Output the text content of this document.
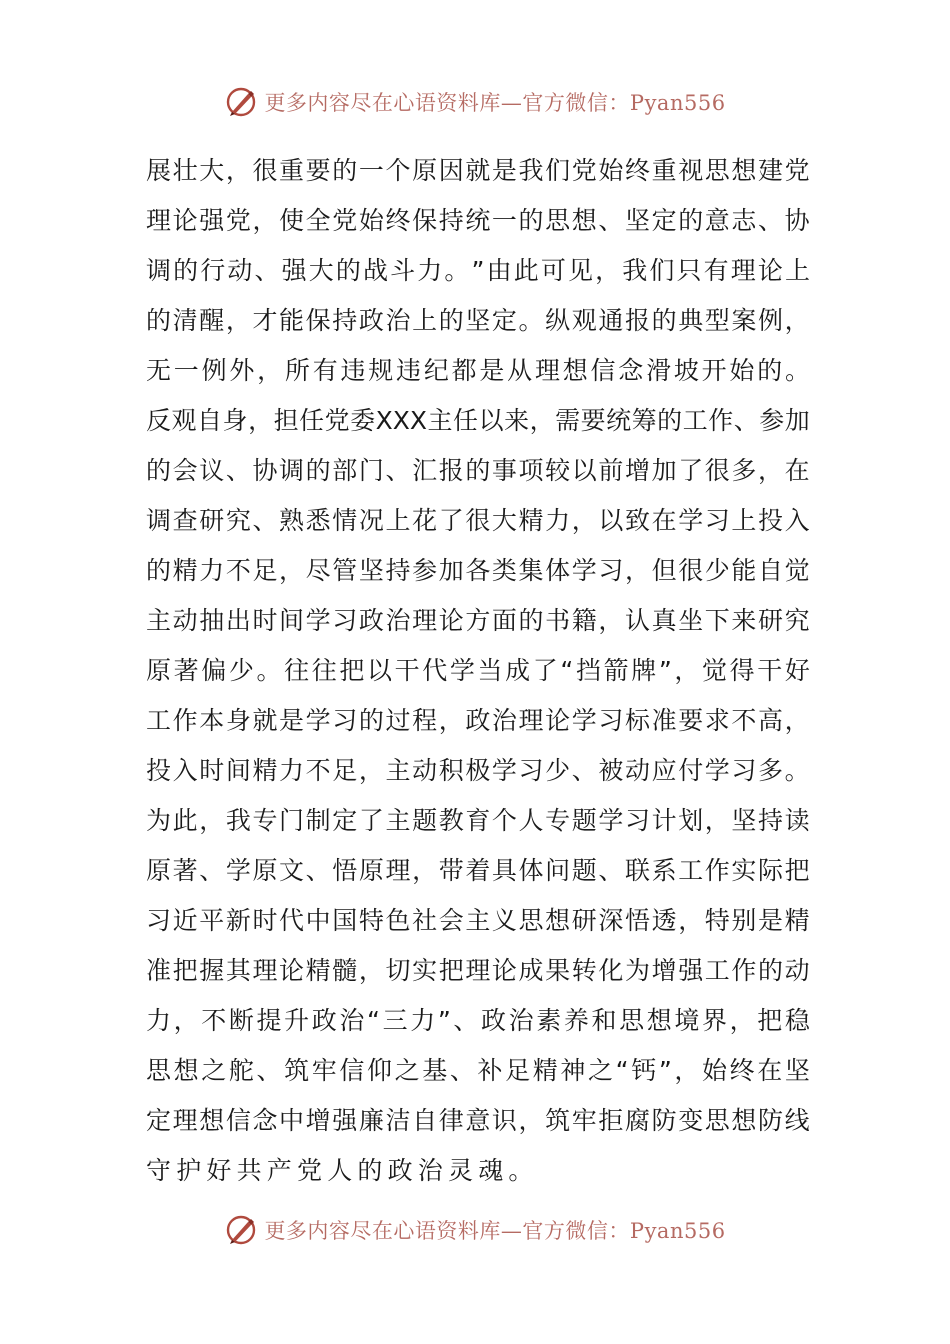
更多内容尽在心语资料库—官方微信：Pyan556
展 壮 大 ， 很 重 要 的 一 个 原 因 就 是 我 们 党 始 终 重 视 思 想 建 党
理 论 强 党 ， 使 全 党 始 终 保 持 统 一 的 思 想 、 坚 定 的 意 志 、 协
调 的 行 动 、 强 大 的 战 斗 力 。 ” 由 此 可 见 ， 我 们 只 有 理 论 上
的 清 醒 ， 才 能 保 持 政 治 上 的 坚 定 。 纵 观 通 报 的 典 型 案 例 ，
无 一 例 外 ， 所 有 违 规 违 纪 都 是 从 理 想 信 念 滑 坡 开 始 的 。
反 观 自 身 ， 担 任 党 委 XXX 主 任 以 来 ， 需 要 统 筹 的 工 作 、 参 加
的 会 议 、 协 调 的 部 门 、 汇 报 的 事 项 较 以 前 增 加 了 很 多 ， 在
调 查 研 究 、 熟 悉 情 况 上 花 了 很 大 精 力 ， 以 致 在 学 习 上 投 入
的 精 力 不 足 ， 尽 管 坚 持 参 加 各 类 集 体 学 习 ， 但 很 少 能 自 觉
主 动 抽 出 时 间 学 习 政 治 理 论 方 面 的 书 籍 ， 认 真 坐 下 来 研 究
原 著 偏 少 。 往 往 把 以 干 代 学 当 成 了 “ 挡 箭 牌 ” ， 觉 得 干 好
工 作 本 身 就 是 学 习 的 过 程 ， 政 治 理 论 学 习 标 准 要 求 不 高 ，
投 入 时 间 精 力 不 足 ， 主 动 积 极 学 习 少 、 被 动 应 付 学 习 多 。
为 此 ， 我 专 门 制 定 了 主 题 教 育 个 人 专 题 学 习 计 划 ， 坚 持 读
原 著 、 学 原 文 、 悟 原 理 ， 带 着 具 体 问 题 、 联 系 工 作 实 际 把
习 近 平 新 时 代 中 国 特 色 社 会 主 义 思 想 研 深 悟 透 ， 特 别 是 精
准 把 握 其 理 论 精 髓 ， 切 实 把 理 论 成 果 转 化 为 增 强 工 作 的 动
力 ， 不 断 提 升 政 治 “ 三 力 ” 、 政 治 素 养 和 思 想 境 界 ， 把 稳
思 想 之 舵 、 筑 牢 信 仰 之 基 、 补 足 精 神 之 “ 钙 ” ， 始 终 在 坚
定 理 想 信 念 中 增 强 廉 洁 自 律 意 识 ， 筑 牢 拒 腐 防 变 思 想 防 线
守护好共产党人的政治灵魂。
更多内容尽在心语资料库—官方微信：Pyan556
